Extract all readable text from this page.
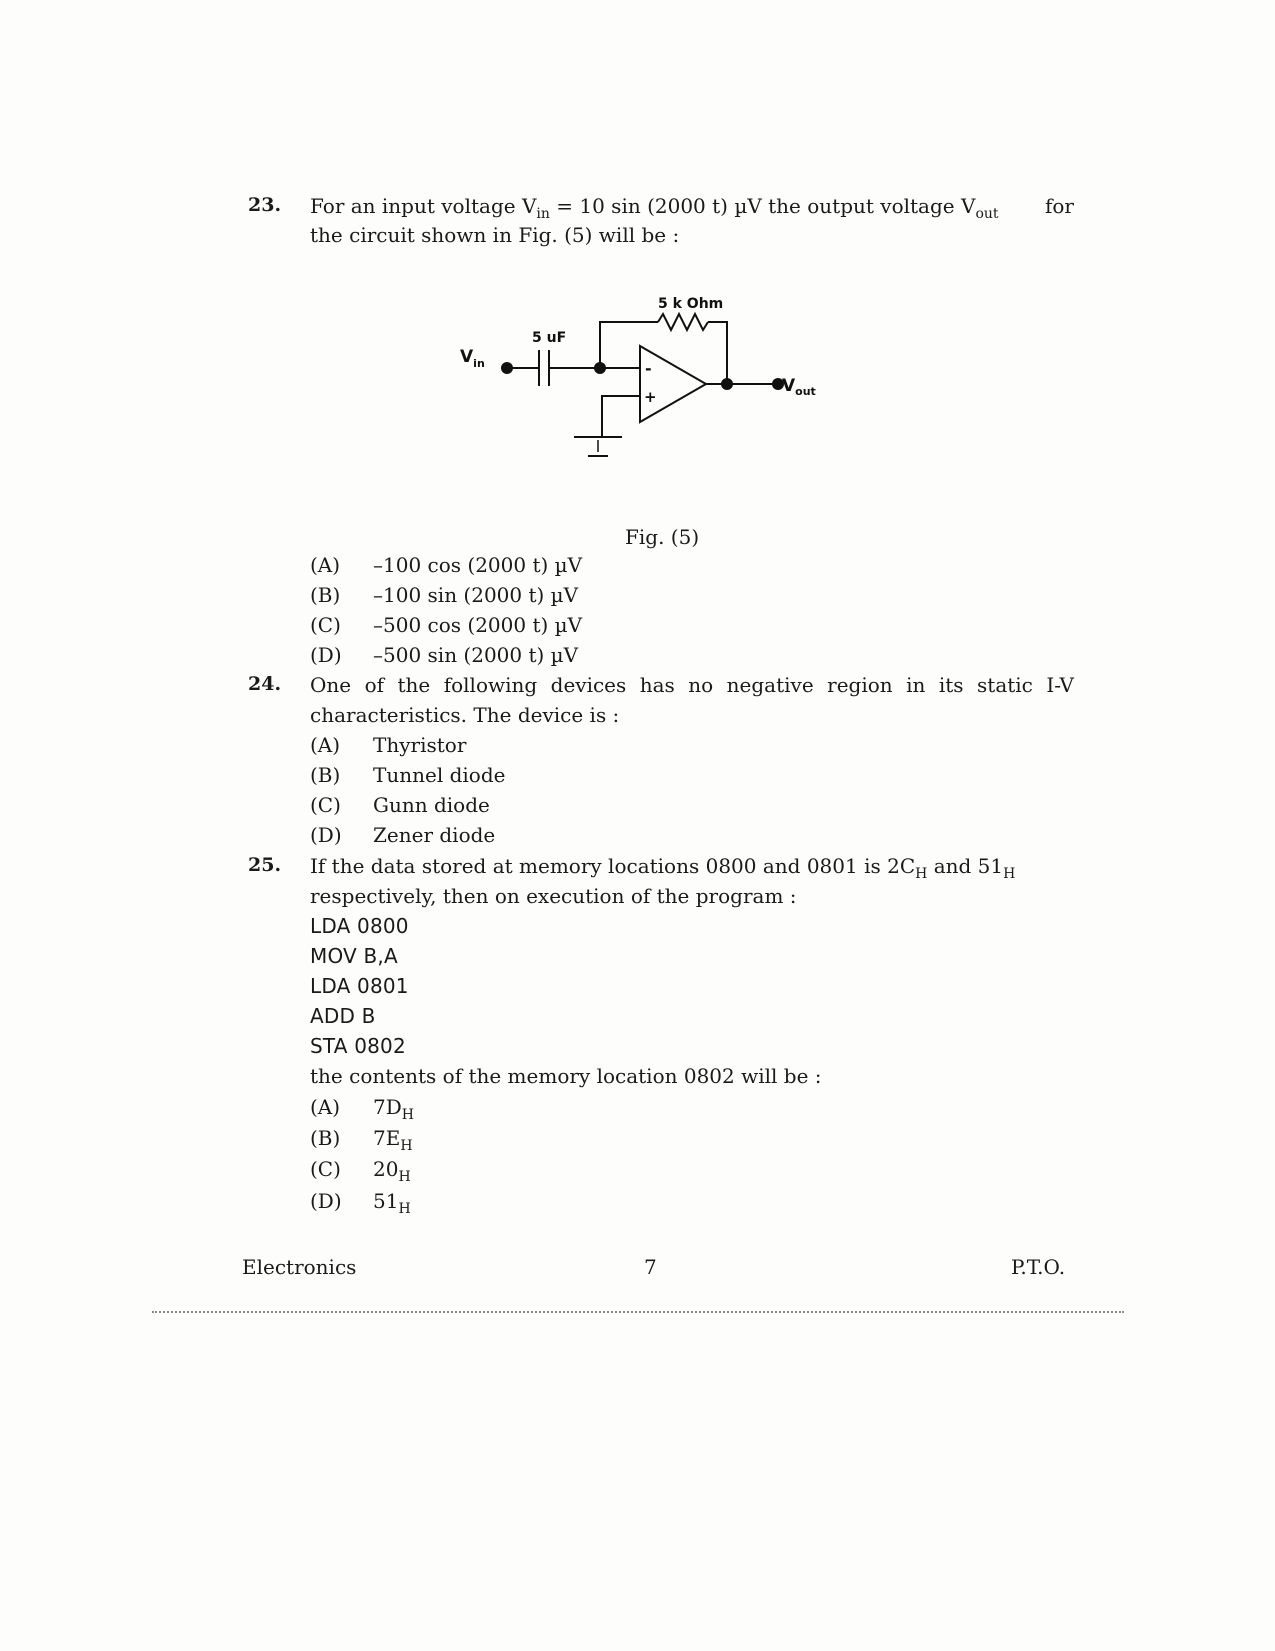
23. For an input voltage $V_{in} = 10$ sin (2000 t) µV the output voltage $V_{out}$ for
the circuit shown in Fig. (5) will be :
5 k Ohm
5 uF
$V_{in}$	-
+
$V_{out}$
Fig. (5)
(A)	–100 cos (2000 t) µV
(B)	–100 sin (2000 t) µV
(C)	–500 cos (2000 t) µV
(D)	–500 sin (2000 t) µV
24. One of the following devices has no negative region in its static I-V
characteristics. The device is :
(A)	Thyristor
(B)	Tunnel diode
(C)	Gunn diode
(D)	Zener diode
25. If the data stored at memory locations 0800 and 0801 is $2C_H$ and $51_H$
respectively, then on execution of the program :
LDA 0800
MOV B,A
LDA 0801
ADD B
STA 0802
the contents of the memory location 0802 will be :
(A)	$7D_H$
(B)	$7E_H$
(C)	$20_H$
(D)	$51_H$
Electronics	7	P.T.O.
